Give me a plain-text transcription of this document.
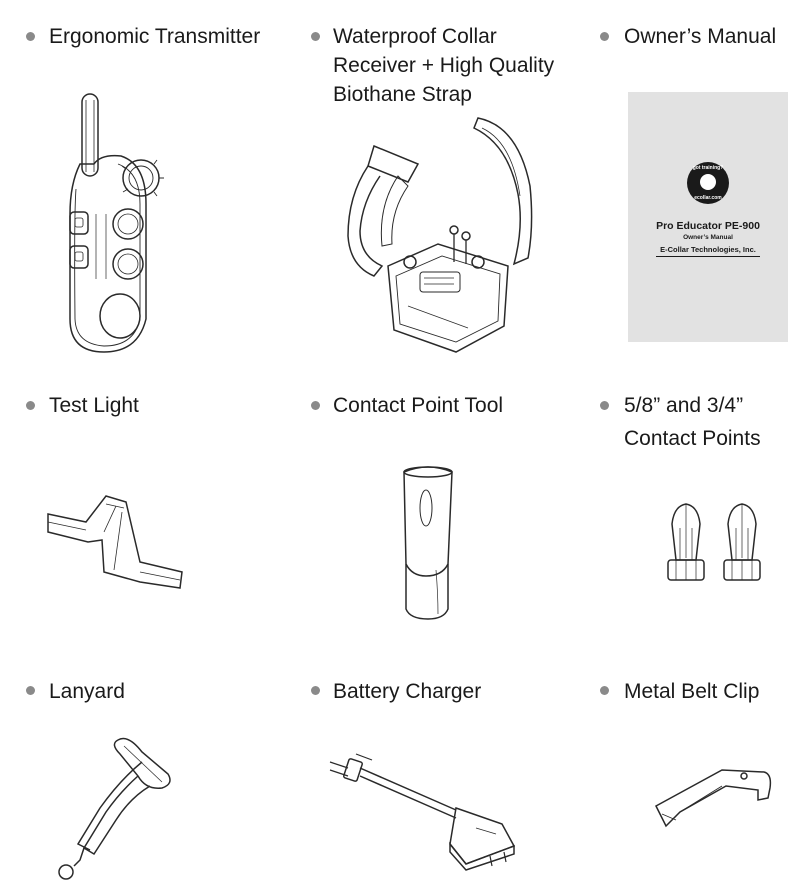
Ergonomic Transmitter	Waterproof Collar
Receiver + High Quality
Biothane Strap
Owner’s Manual
Test Light	Contact Point Tool	5/8” and 3/4”
Contact Points
Lanyard	Battery Charger	Metal Belt Clip
got training?
ecollar.com
Pro Educator PE-900
Owner’s Manual
E-Collar Technologies, Inc.
